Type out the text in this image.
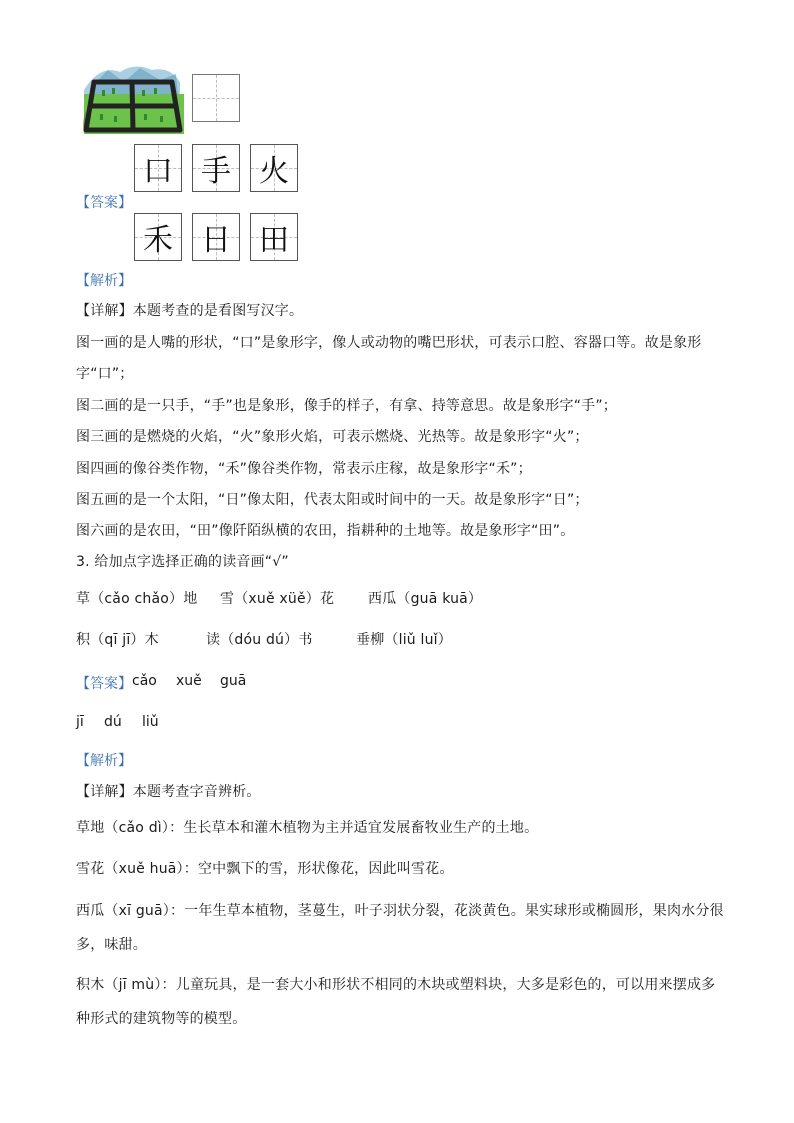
口 手 火
【答案】
禾 日 田
【解析】
【详解】本题考查的是看图写汉字。
图一画的是人嘴的形状，“口”是象形字，像人或动物的嘴巴形状，可表示口腔、容器口等。故是象形
字“口”；
图二画的是一只手，“手”也是象形，像手的样子，有拿、持等意思。故是象形字“手”；
图三画的是燃烧的火焰，“火”象形火焰，可表示燃烧、光热等。故是象形字“火”；
图四画的像谷类作物，“禾”像谷类作物，常表示庄稼，故是象形字“禾”；
图五画的是一个太阳，“日”像太阳，代表太阳或时间中的一天。故是象形字“日”；
图六画的是农田，“田”像阡陌纵横的农田，指耕种的土地等。故是象形字“田”。
3. 给加点字选择正确的读音画“√”
草（cǎo chǎo）地 雪（xuě xüě）花 西瓜（guā kuā）
积（qī jī）木	读（dóu dú）书	垂柳（liǔ luǐ）
【答案】 cǎo xuě guā
jī dú liǔ
【解析】
【详解】本题考查字音辨析。
草地（cǎo dì）：生长草本和灌木植物为主并适宜发展畜牧业生产的土地。
雪花（xuě huā）：空中飘下的雪，形状像花，因此叫雪花。
西瓜（xī guā）：一年生草本植物，茎蔓生，叶子羽状分裂，花淡黄色。果实球形或椭圆形，果肉水分很
多，味甜。
积木（jī mù）：儿童玩具，是一套大小和形状不相同的木块或塑料块，大多是彩色的，可以用来摆成多
种形式的建筑物等的模型。
